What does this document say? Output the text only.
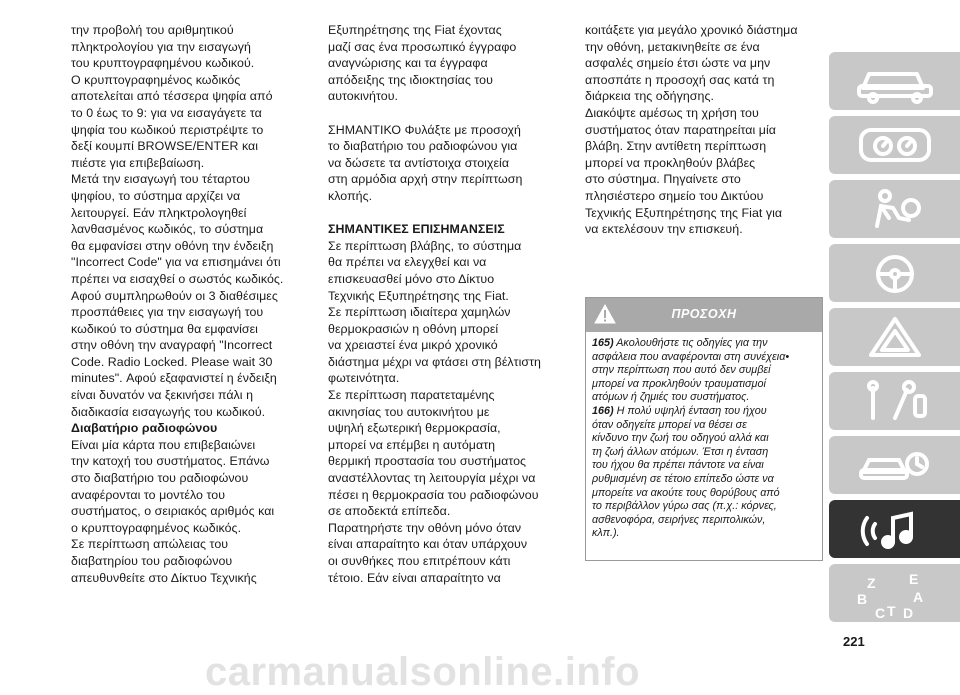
την προβολή του αριθμητικού
πληκτρολογίου για την εισαγωγή
του κρυπτογραφημένου κωδικού.
Ο κρυπτογραφημένος κωδικός
αποτελείται από τέσσερα ψηφία από
το 0 έως το 9: για να εισαγάγετε τα
ψηφία του κωδικού περιστρέψτε το
δεξί κουμπί BROWSE/ENTER και
πιέστε για επιβεβαίωση.

Μετά την εισαγωγή του τέταρτου
ψηφίου, το σύστημα αρχίζει να
λειτουργεί. Εάν πληκτρολογηθεί
λανθασμένος κωδικός, το σύστημα
θα εμφανίσει στην οθόνη την ένδειξη
"Incorrect Code" για να επισημάνει ότι
πρέπει να εισαχθεί ο σωστός κωδικός.

Αφού συμπληρωθούν οι 3 διαθέσιμες
προσπάθειες για την εισαγωγή του
κωδικού το σύστημα θα εμφανίσει
στην οθόνη την αναγραφή "Incorrect
Code. Radio Locked. Please wait 30
minutes". Αφού εξαφανιστεί η ένδειξη
είναι δυνατόν να ξεκινήσει πάλι η
διαδικασία εισαγωγής του κωδικού.

Διαβατήριο ραδιοφώνου

Είναι μία κάρτα που επιβεβαιώνει
την κατοχή του συστήματος. Επάνω
στο διαβατήριο του ραδιοφώνου
αναφέρονται το μοντέλο του
συστήματος, ο σειριακός αριθμός και
ο κρυπτογραφημένος κωδικός.

Σε περίπτωση απώλειας του
διαβατηρίου του ραδιοφώνου
απευθυνθείτε στο Δίκτυο Τεχνικής

Εξυπηρέτησης της Fiat έχοντας
μαζί σας ένα προσωπικό έγγραφο
αναγνώρισης και τα έγγραφα
απόδειξης της ιδιοκτησίας του
αυτοκινήτου.

ΣΗΜΑΝΤΙΚΟ Φυλάξτε με προσοχή
το διαβατήριο του ραδιοφώνου για
να δώσετε τα αντίστοιχα στοιχεία
στη αρμόδια αρχή στην περίπτωση
κλοπής.

ΣΗΜΑΝΤΙΚΕΣ ΕΠΙΣΗΜΑΝΣΕΙΣ

Σε περίπτωση βλάβης, το σύστημα
θα πρέπει να ελεγχθεί και να
επισκευασθεί μόνο στο Δίκτυο
Τεχνικής Εξυπηρέτησης της Fiat.

Σε περίπτωση ιδιαίτερα χαμηλών
θερμοκρασιών η οθόνη μπορεί
να χρειαστεί ένα μικρό χρονικό
διάστημα μέχρι να φτάσει στη βέλτιστη
φωτεινότητα.

Σε περίπτωση παρατεταμένης
ακινησίας του αυτοκινήτου με
υψηλή εξωτερική θερμοκρασία,
μπορεί να επέμβει η αυτόματη
θερμική προστασία του συστήματος
αναστέλλοντας τη λειτουργία μέχρι να
πέσει η θερμοκρασία του ραδιοφώνου
σε αποδεκτά επίπεδα.

Παρατηρήστε την οθόνη μόνο όταν
είναι απαραίτητο και όταν υπάρχουν
οι συνθήκες που επιτρέπουν κάτι
τέτοιο. Εάν είναι απαραίτητο να

κοιτάξετε για μεγάλο χρονικό διάστημα
την οθόνη, μετακινηθείτε σε ένα
ασφαλές σημείο έτσι ώστε να μην
αποσπάτε η προσοχή σας κατά τη
διάρκεια της οδήγησης.

Διακόψτε αμέσως τη χρήση του
συστήματος όταν παρατηρείται μία
βλάβη. Στην αντίθετη περίπτωση
μπορεί να προκληθούν βλάβες
στο σύστημα. Πηγαίνετε στο
πλησιέστερο σημείο του Δικτύου
Τεχνικής Εξυπηρέτησης της Fiat για
να εκτελέσουν την επισκευή.

ΠΡΟΣΟΧΗ

165) Ακολουθήστε τις οδηγίες για την
ασφάλεια που αναφέρονται στη συνέχεια•
στην περίπτωση που αυτό δεν συμβεί
μπορεί να προκληθούν τραυματισμοί
ατόμων ή ζημιές του συστήματος.

166) Η πολύ υψηλή ένταση του ήχου
όταν οδηγείτε μπορεί να θέσει σε
κίνδυνο την ζωή του οδηγού αλλά και
τη ζωή άλλων ατόμων. Έτσι η ένταση
του ήχου θα πρέπει πάντοτε να είναι
ρυθμισμένη σε τέτοιο επίπεδο ώστε να
μπορείτε να ακούτε τους θορύβους από
το περιβάλλον γύρω σας (π.χ.: κόρνες,
ασθενοφόρα, σειρήνες περιπολικών,
κλπ.).

Z E
B	A
C T D
221
carmanualsonline.info
